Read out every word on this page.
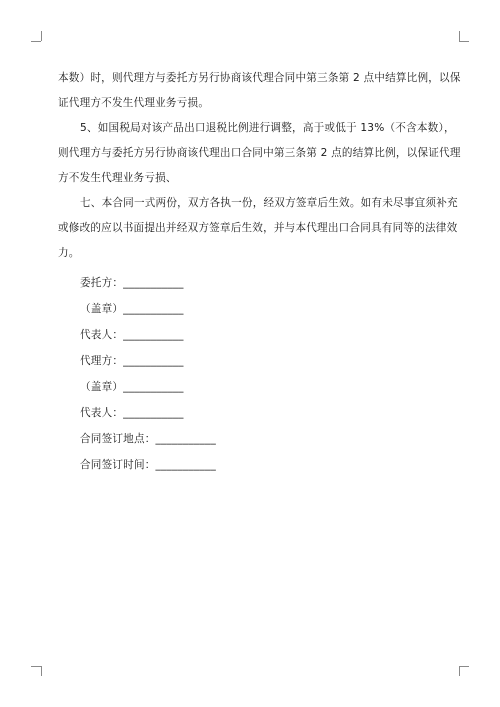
本数）时，则代理方与委托方另行协商该代理合同中第三条第 2 点中结算比例，以保
证代理方不发生代理业务亏损。

5、如国税局对该产品出口退税比例进行调整，高于或低于 13%（不含本数），
则代理方与委托方另行协商该代理出口合同中第三条第 2 点的结算比例，以保证代理
方不发生代理业务亏损、

七、本合同一式两份，双方各执一份，经双方签章后生效。如有未尽事宜须补充
或修改的应以书面提出并经双方签章后生效，并与本代理出口合同具有同等的法律效
力。

委托方：___________
（盖章）___________
代表人：___________
代理方：___________
（盖章）___________
代表人：___________
合同签订地点：___________
合同签订时间：___________
